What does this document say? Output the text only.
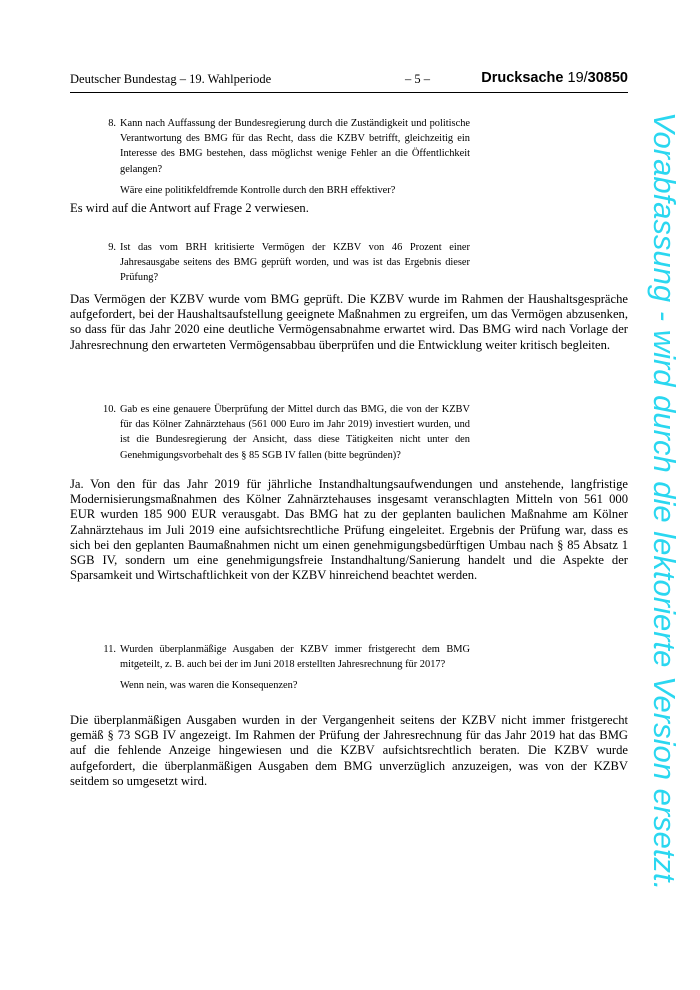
Deutscher Bundestag – 19. Wahlperiode	– 5 –	Drucksache 19/30850
8. Kann nach Auffassung der Bundesregierung durch die Zuständigkeit und politische Verantwortung des BMG für das Recht, dass die KZBV betrifft, gleichzeitig ein Interesse des BMG bestehen, dass möglichst wenige Fehler an die Öffentlichkeit gelangen?
Wäre eine politikfeldfremde Kontrolle durch den BRH effektiver?
Es wird auf die Antwort auf Frage 2 verwiesen.
9. Ist das vom BRH kritisierte Vermögen der KZBV von 46 Prozent einer Jahresausgabe seitens des BMG geprüft worden, und was ist das Ergebnis dieser Prüfung?
Das Vermögen der KZBV wurde vom BMG geprüft. Die KZBV wurde im Rahmen der Haushaltsgespräche aufgefordert, bei der Haushaltsaufstellung geeignete Maßnahmen zu ergreifen, um das Vermögen abzusenken, so dass für das Jahr 2020 eine deutliche Vermögensabnahme erwartet wird. Das BMG wird nach Vorlage der Jahresrechnung den erwarteten Vermögensabbau überprüfen und die Entwicklung weiter kritisch begleiten.
10. Gab es eine genauere Überprüfung der Mittel durch das BMG, die von der KZBV für das Kölner Zahnärztehaus (561 000 Euro im Jahr 2019) investiert wurden, und ist die Bundesregierung der Ansicht, dass diese Tätigkeiten nicht unter den Genehmigungsvorbehalt des § 85 SGB IV fallen (bitte begründen)?
Ja. Von den für das Jahr 2019 für jährliche Instandhaltungsaufwendungen und anstehende, langfristige Modernisierungsmaßnahmen des Kölner Zahnärztehauses insgesamt veranschlagten Mitteln von 561 000 EUR wurden 185 900 EUR verausgabt. Das BMG hat zu der geplanten baulichen Maßnahme am Kölner Zahnärztehaus im Juli 2019 eine aufsichtsrechtliche Prüfung eingeleitet. Ergebnis der Prüfung war, dass es sich bei den geplanten Baumaßnahmen nicht um einen genehmigungsbedürftigen Umbau nach § 85 Absatz 1 SGB IV, sondern um eine genehmigungsfreie Instandhaltung/Sanierung handelt und die Aspekte der Sparsamkeit und Wirtschaftlichkeit von der KZBV hinreichend beachtet werden.
11. Wurden überplanmäßige Ausgaben der KZBV immer fristgerecht dem BMG mitgeteilt, z. B. auch bei der im Juni 2018 erstellten Jahresrechnung für 2017?
Wenn nein, was waren die Konsequenzen?
Die überplanmäßigen Ausgaben wurden in der Vergangenheit seitens der KZBV nicht immer fristgerecht gemäß § 73 SGB IV angezeigt. Im Rahmen der Prüfung der Jahresrechnung für das Jahr 2019 hat das BMG auf die fehlende Anzeige hingewiesen und die KZBV aufsichtsrechtlich beraten. Die KZBV wurde aufgefordert, die überplanmäßigen Ausgaben dem BMG unverzüglich anzuzeigen, was von der KZBV seitdem so umgesetzt wird.	Vorabfassung - wird durch die lektorierte Version ersetzt.
